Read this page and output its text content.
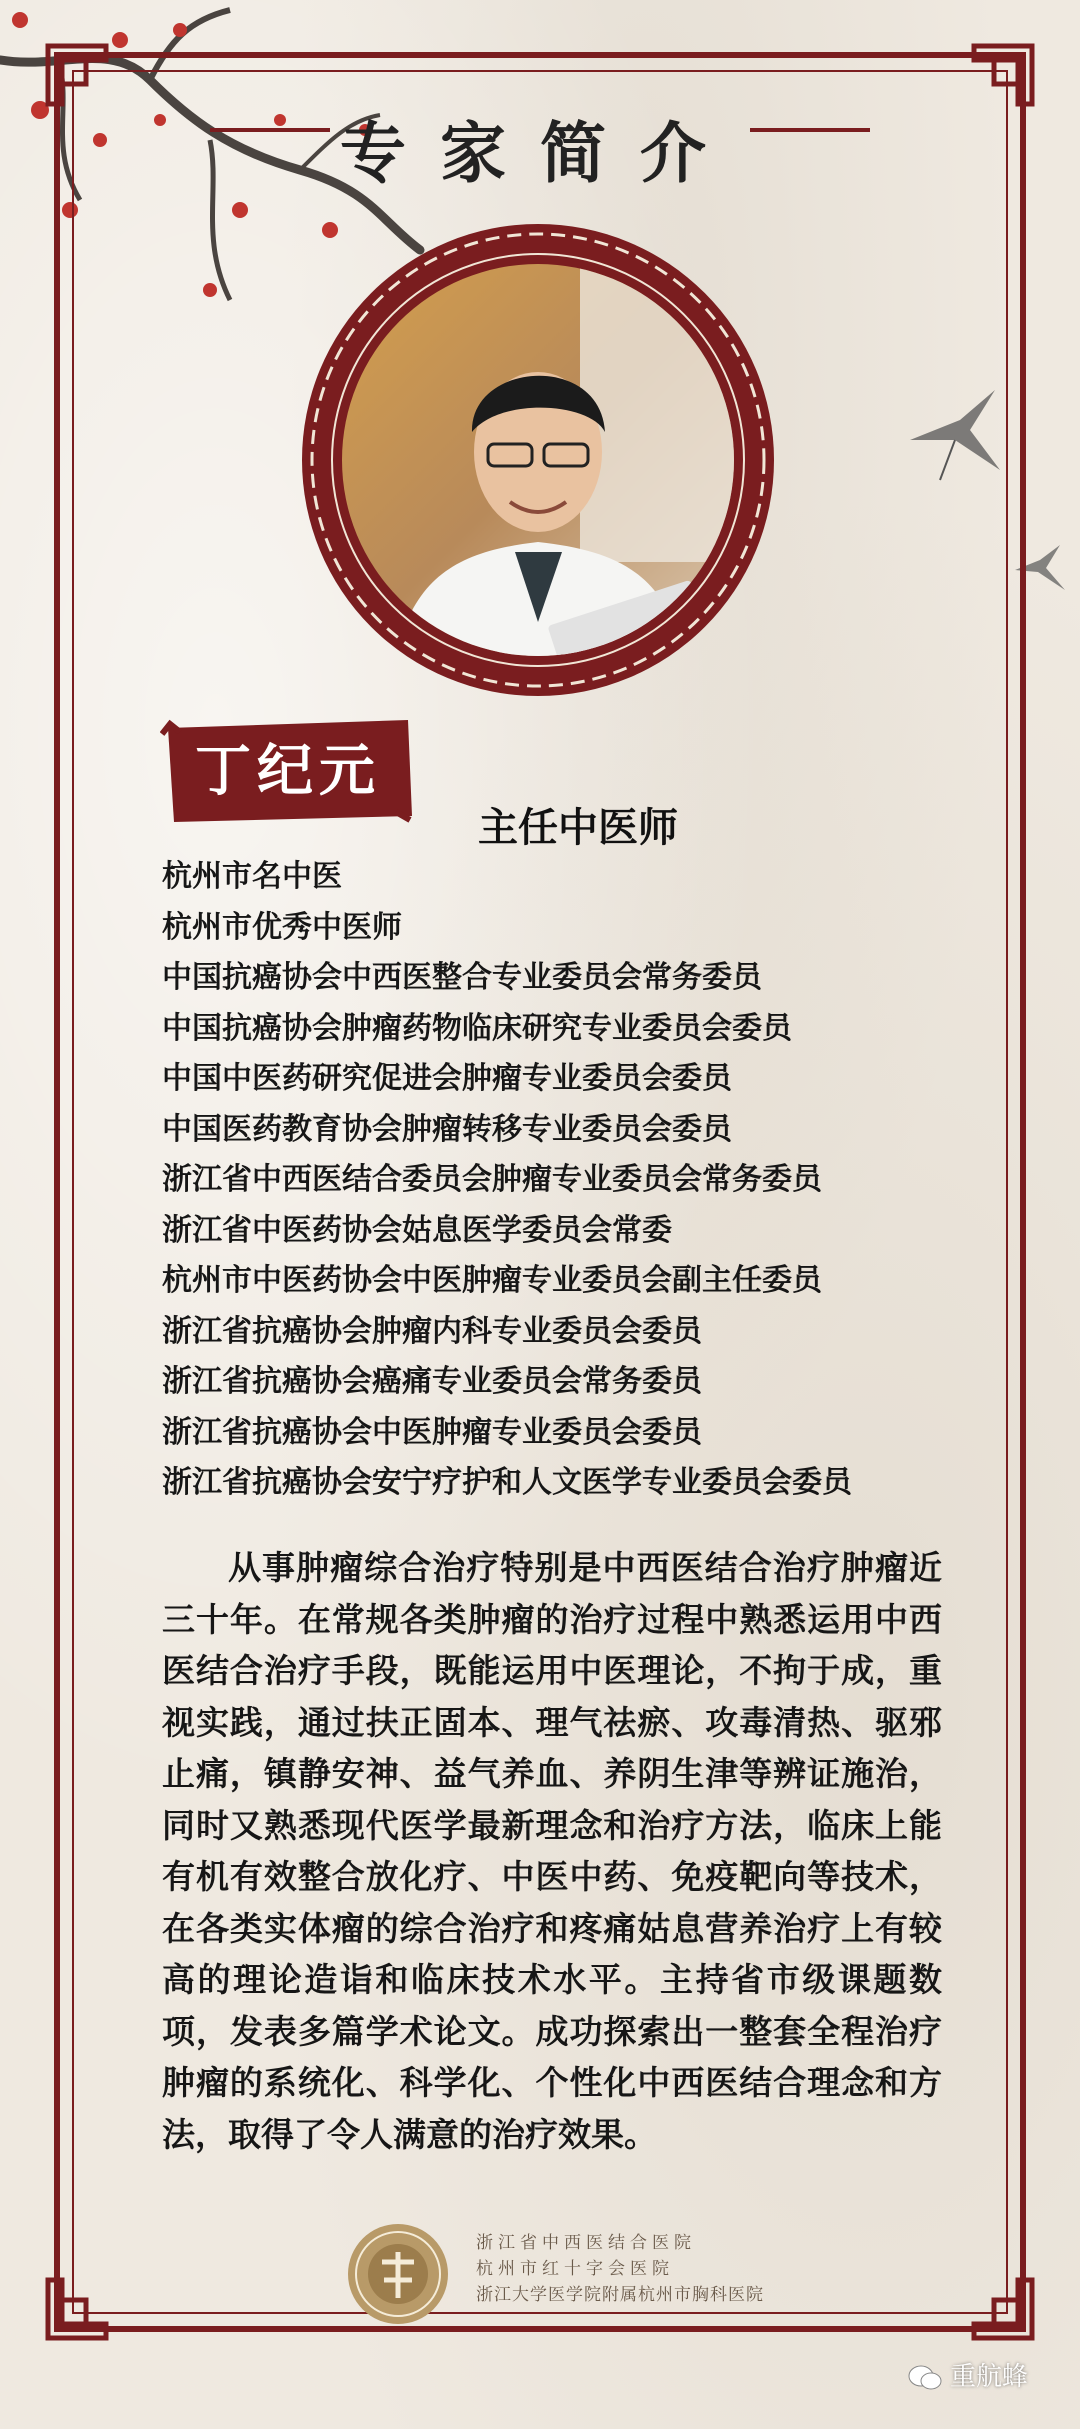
专家简介
丁纪元
主任中医师
杭州市名中医
杭州市优秀中医师
中国抗癌协会中西医整合专业委员会常务委员
中国抗癌协会肿瘤药物临床研究专业委员会委员
中国中医药研究促进会肿瘤专业委员会委员
中国医药教育协会肿瘤转移专业委员会委员
浙江省中西医结合委员会肿瘤专业委员会常务委员
浙江省中医药协会姑息医学委员会常委
杭州市中医药协会中医肿瘤专业委员会副主任委员
浙江省抗癌协会肿瘤内科专业委员会委员
浙江省抗癌协会癌痛专业委员会常务委员
浙江省抗癌协会中医肿瘤专业委员会委员
浙江省抗癌协会安宁疗护和人文医学专业委员会委员

从事肿瘤综合治疗特别是中西医结合治疗肿瘤近三十年。在常规各类肿瘤的治疗过程中熟悉运用中西医结合治疗手段，既能运用中医理论，不拘于成，重视实践，通过扶正固本、理气祛瘀、攻毒清热、驱邪止痛，镇静安神、益气养血、养阴生津等辨证施治，同时又熟悉现代医学最新理念和治疗方法，临床上能有机有效整合放化疗、中医中药、免疫靶向等技术，在各类实体瘤的综合治疗和疼痛姑息营养治疗上有较高的理论造诣和临床技术水平。主持省市级课题数项，发表多篇学术论文。成功探索出一整套全程治疗肿瘤的系统化、科学化、个性化中西医结合理念和方法，取得了令人满意的治疗效果。

浙江省中西医结合医院
杭州市红十字会医院
浙江大学医学院附属杭州市胸科医院
重航蜂
